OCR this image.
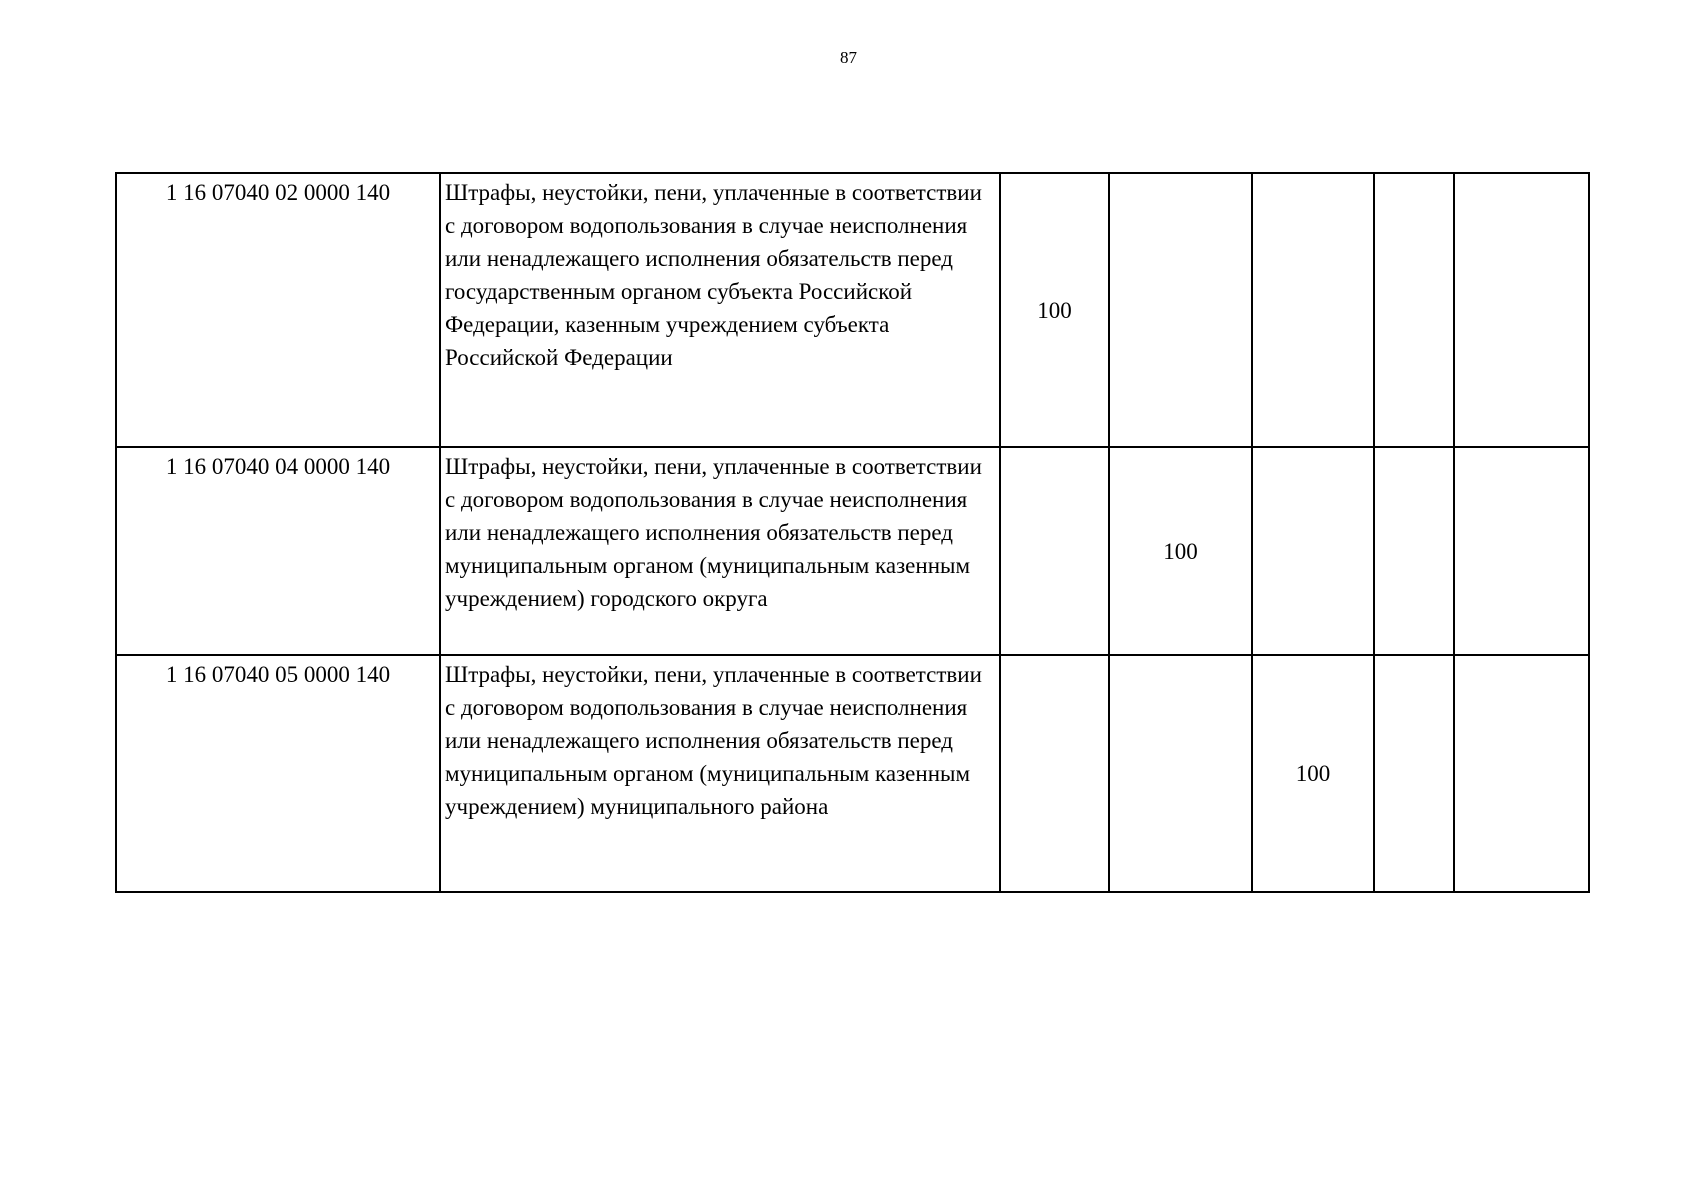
87
1 16 07040 02 0000 140	Штрафы, неустойки, пени, уплаченные в соответствии с договором водопользования в случае неисполнения или ненадлежащего исполнения обязательств перед государственным органом субъекта Российской Федерации, казенным учреждением субъекта Российской Федерации	100				
1 16 07040 04 0000 140	Штрафы, неустойки, пени, уплаченные в соответствии с договором водопользования в случае неисполнения или ненадлежащего исполнения обязательств перед муниципальным органом (муниципальным казенным учреждением) городского округа		100			
1 16 07040 05 0000 140	Штрафы, неустойки, пени, уплаченные в соответствии с договором водопользования в случае неисполнения или ненадлежащего исполнения обязательств перед муниципальным органом (муниципальным казенным учреждением) муниципального района			100		
